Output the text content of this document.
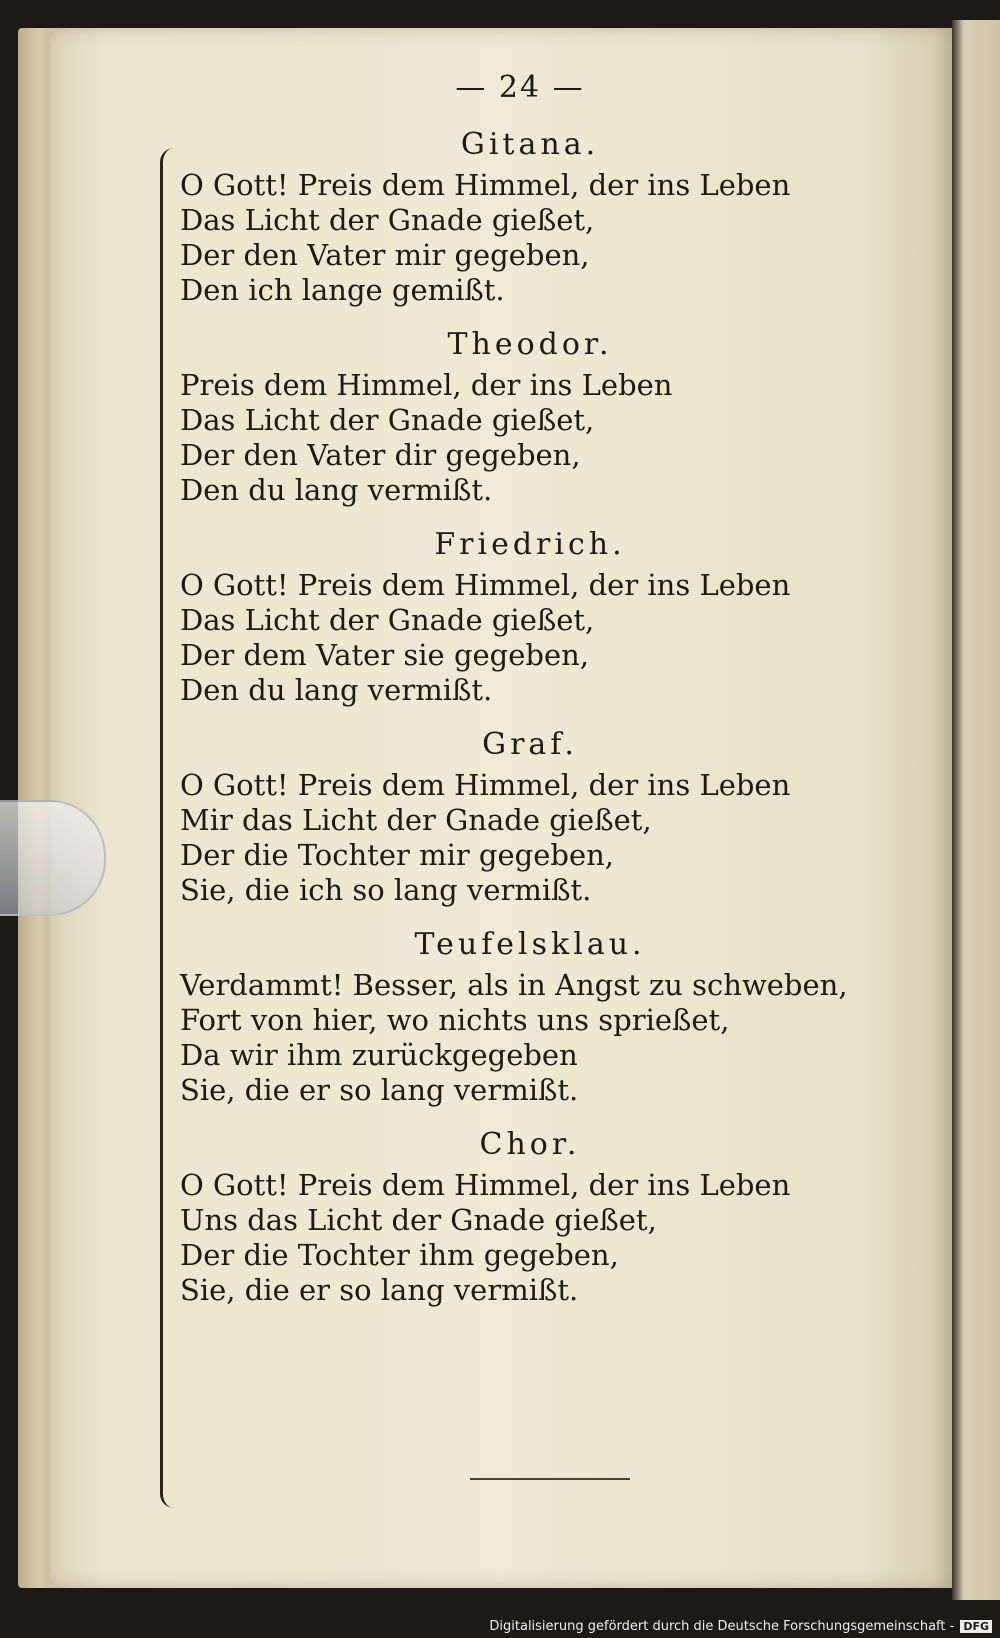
— 24 —
Gitana.
O Gott! Preis dem Himmel, der ins Leben
Das Licht der Gnade gießet,
Der den Vater mir gegeben,
Den ich lange gemißt.
Theodor.
Preis dem Himmel, der ins Leben
Das Licht der Gnade gießet,
Der den Vater dir gegeben,
Den du lang vermißt.
Friedrich.
O Gott! Preis dem Himmel, der ins Leben
Das Licht der Gnade gießet,
Der dem Vater sie gegeben,
Den du lang vermißt.
Graf.
O Gott! Preis dem Himmel, der ins Leben
Mir das Licht der Gnade gießet,
Der die Tochter mir gegeben,
Sie, die ich so lang vermißt.
Teufelsklau.
Verdammt! Besser, als in Angst zu schweben,
Fort von hier, wo nichts uns sprießet,
Da wir ihm zurückgegeben
Sie, die er so lang vermißt.
Chor.
O Gott! Preis dem Himmel, der ins Leben
Uns das Licht der Gnade gießet,
Der die Tochter ihm gegeben,
Sie, die er so lang vermißt.
Digitalisierung gefördert durch die Deutsche Forschungsgemeinschaft - DFG
